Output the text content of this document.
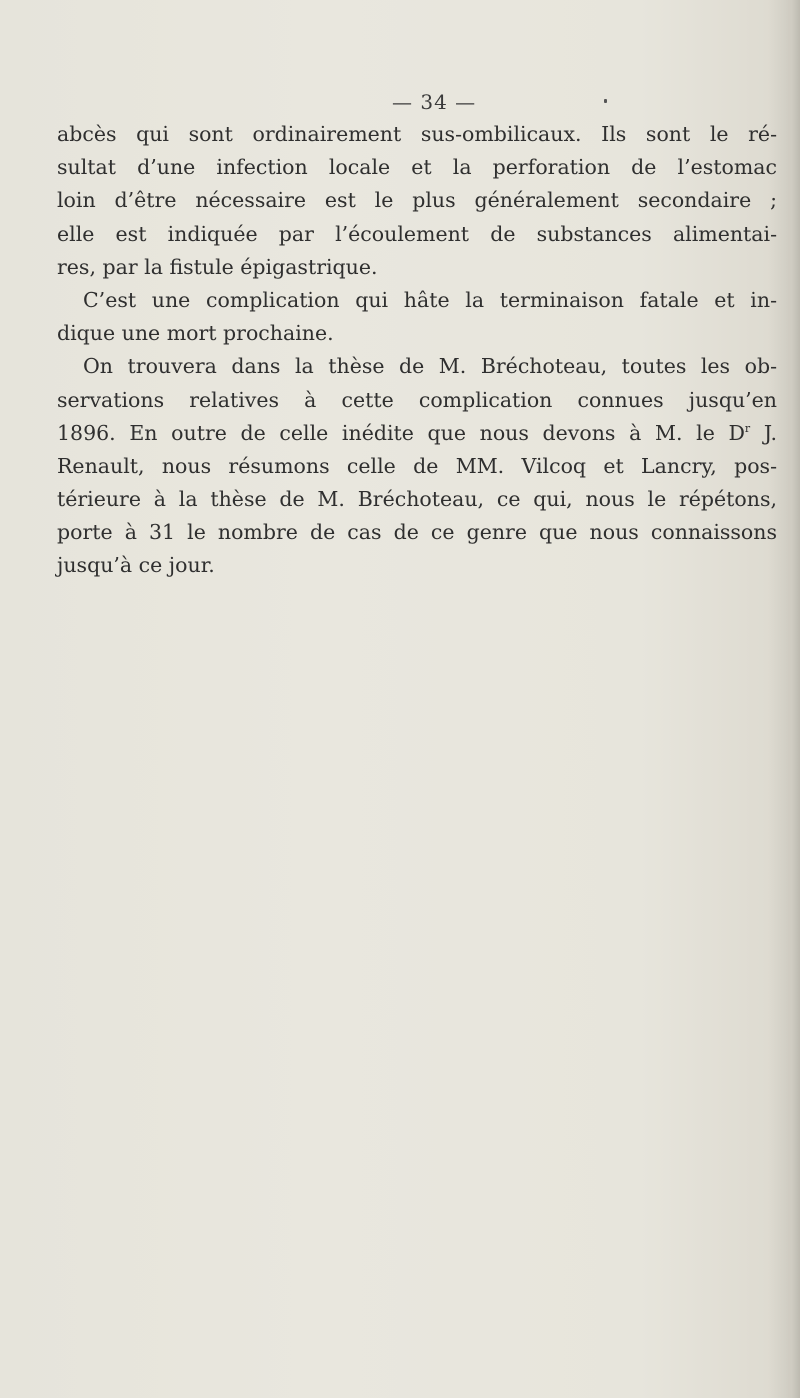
— 34 —
abcès qui sont ordinairement sus-ombilicaux. Ils sont le ré-
sultat d’une infection locale et la perforation de l’estomac
loin d’être nécessaire est le plus généralement secondaire ;
elle est indiquée par l’écoulement de substances alimentai-
res, par la fistule épigastrique.
C’est une complication qui hâte la terminaison fatale et in-
dique une mort prochaine.
On trouvera dans la thèse de M. Bréchoteau, toutes les ob-
servations relatives à cette complication connues jusqu’en
1896. En outre de celle inédite que nous devons à M. le $D^r$ J.
Renault, nous résumons celle de MM. Vilcoq et Lancry, pos-
térieure à la thèse de M. Bréchoteau, ce qui, nous le répétons,
porte à 31 le nombre de cas de ce genre que nous connaissons
jusqu’à ce jour.
